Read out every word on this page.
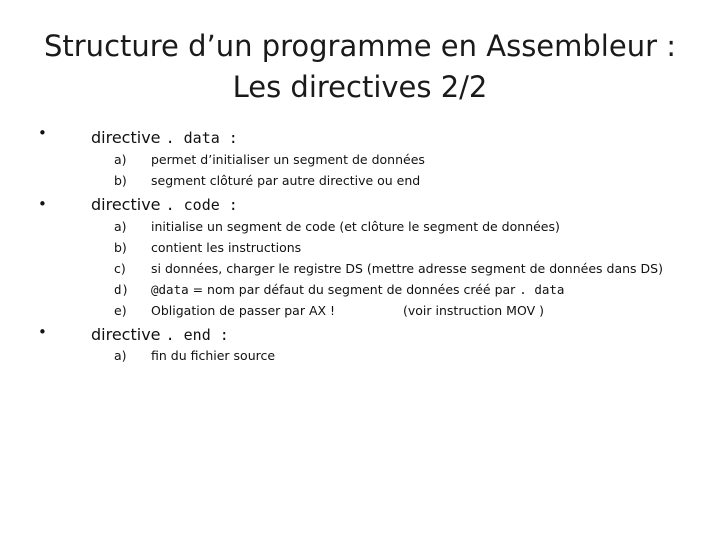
Structure d’un programme en Assembleur :
Les directives 2/2
•	directive . data :
a) permet d’initialiser un segment de données
b) segment clôturé par autre directive ou end
•	directive . code :
a) initialise un segment de code (et clôture le segment de données)
b) contient les instructions
c) si données, charger le registre DS (mettre adresse segment de données dans DS)
d) @data = nom par défaut du segment de données créé par . data
e) Obligation de passer par AX !	(voir instruction MOV )
•	directive . end :
a) fin du fichier source
